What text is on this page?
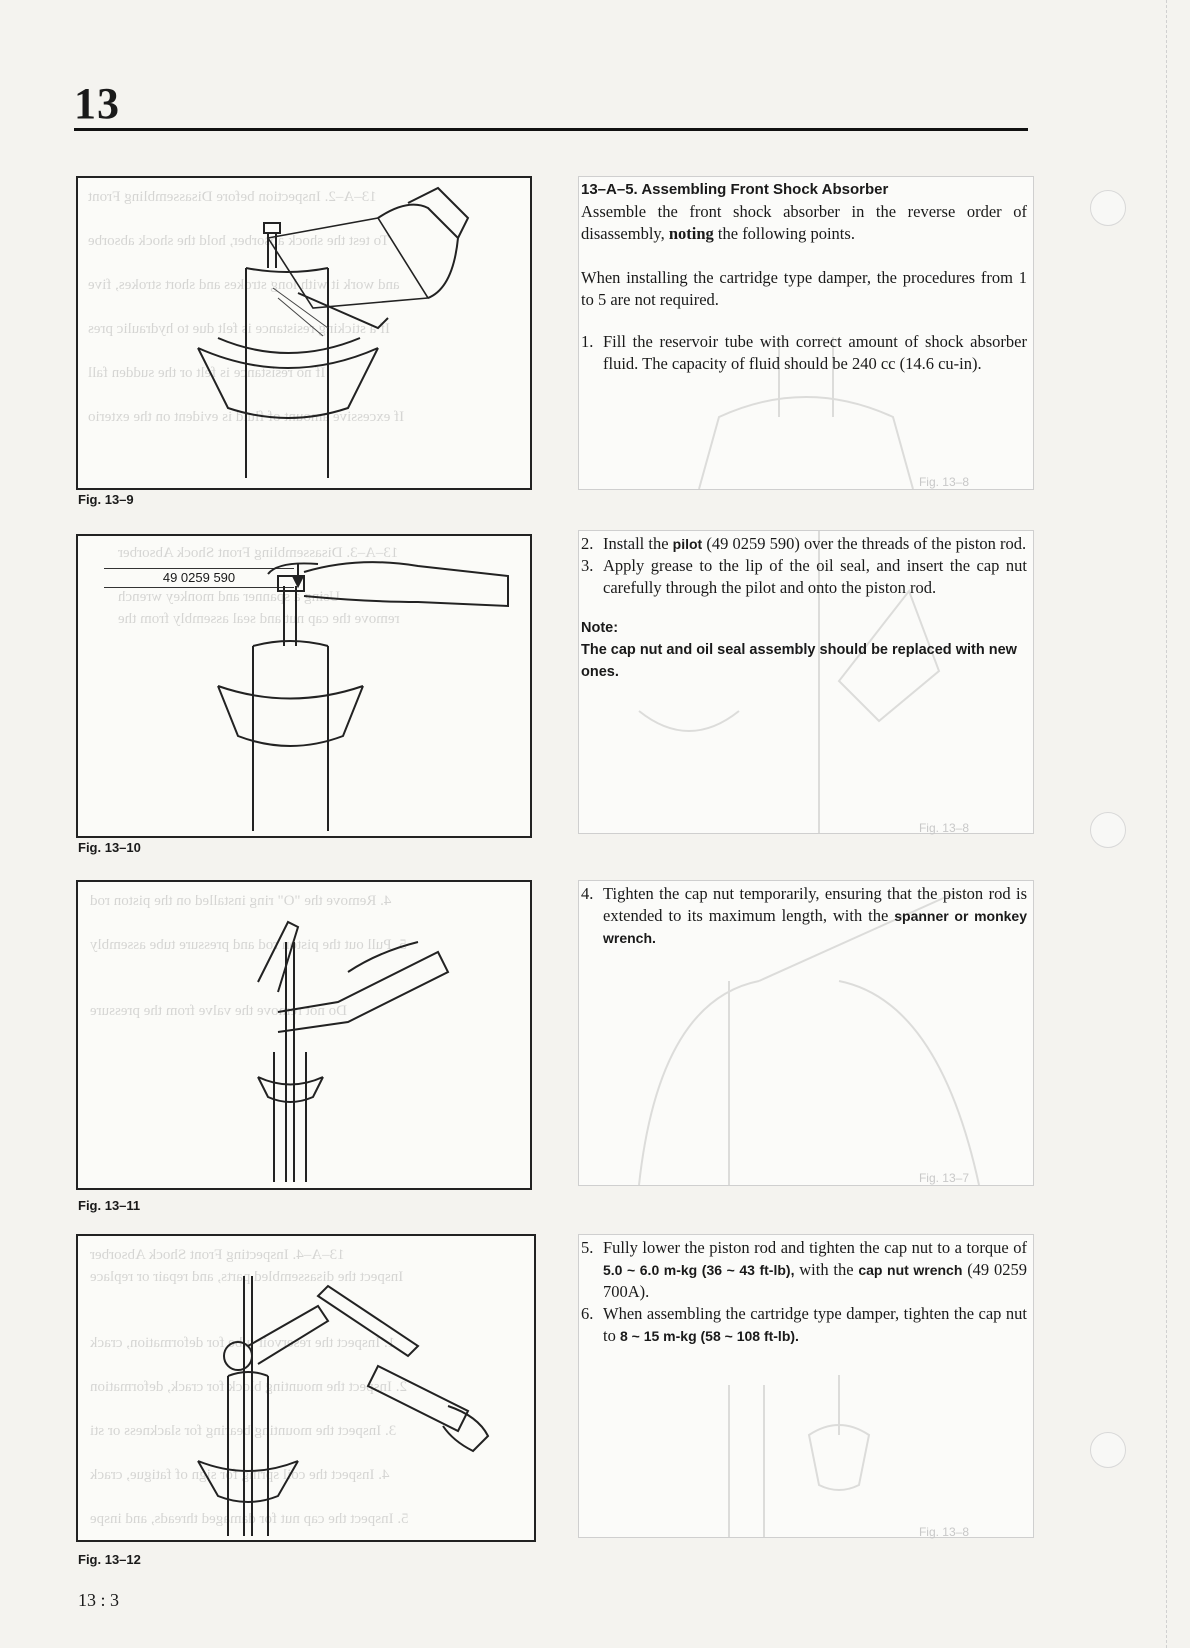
13
13–A–2. Inspection before Disassembling Front
To test the shock absorber, hold the shock absorbe
and work it with long strokes and short strokes, five
If a sticking resistance is felt due to hydraulic pres
If no resistance is felt or the sudden fall
If excessive amount of fluid is evident on the exterio
Fig. 13–9
13–A–3. Disassembling Front Shock Absorber
Using a spanner and monkey wrench
remove the cap nut and seal assembly from the
49 0259 590
Fig. 13–10
4. Remove the "O" ring installed on the piston rod
5. Pull out the piston rod and pressure tube assembly
Do not remove the valve from the pressure
Fig. 13–11
13–A–4. Inspecting Front Shock Absorber
Inspect the disassembled parts, and repair or replace
1. Inspect the reservoir tube for deformation, crack
2. Inspect the mounting block for crack, deformation
3. Inspect the mounting bearing for slackness or sti
4. Inspect the coil spring for sign of fatigue, crack
5. Inspect the cap nut for damaged threads, and inspe
Fig. 13–12
Fig. 13–8
13–A–5. Assembling Front Shock Absorber

Assemble the front shock absorber in the reverse order of disassembly, noting the following points.

When installing the cartridge type damper, the procedures from 1 to 5 are not required.

1. Fill the reservoir tube with correct amount of shock absorber fluid. The capacity of fluid should be 240 cc (14.6 cu-in).
Fig. 13–8
2. Install the pilot (49 0259 590) over the threads of the piston rod.
3. Apply grease to the lip of the oil seal, and insert the cap nut carefully through the pilot and onto the piston rod.
Note:
The cap nut and oil seal assembly should be replaced with new ones.
Fig. 13–7
4. Tighten the cap nut temporarily, ensuring that the piston rod is extended to its maximum length, with the spanner or monkey wrench.
Fig. 13–8
5. Fully lower the piston rod and tighten the cap nut to a torque of 5.0 ~ 6.0 m-kg (36 ~ 43 ft-lb), with the cap nut wrench (49 0259 700A).
6. When assembling the cartridge type damper, tighten the cap nut to 8 ~ 15 m-kg (58 ~ 108 ft-lb).
13 : 3
